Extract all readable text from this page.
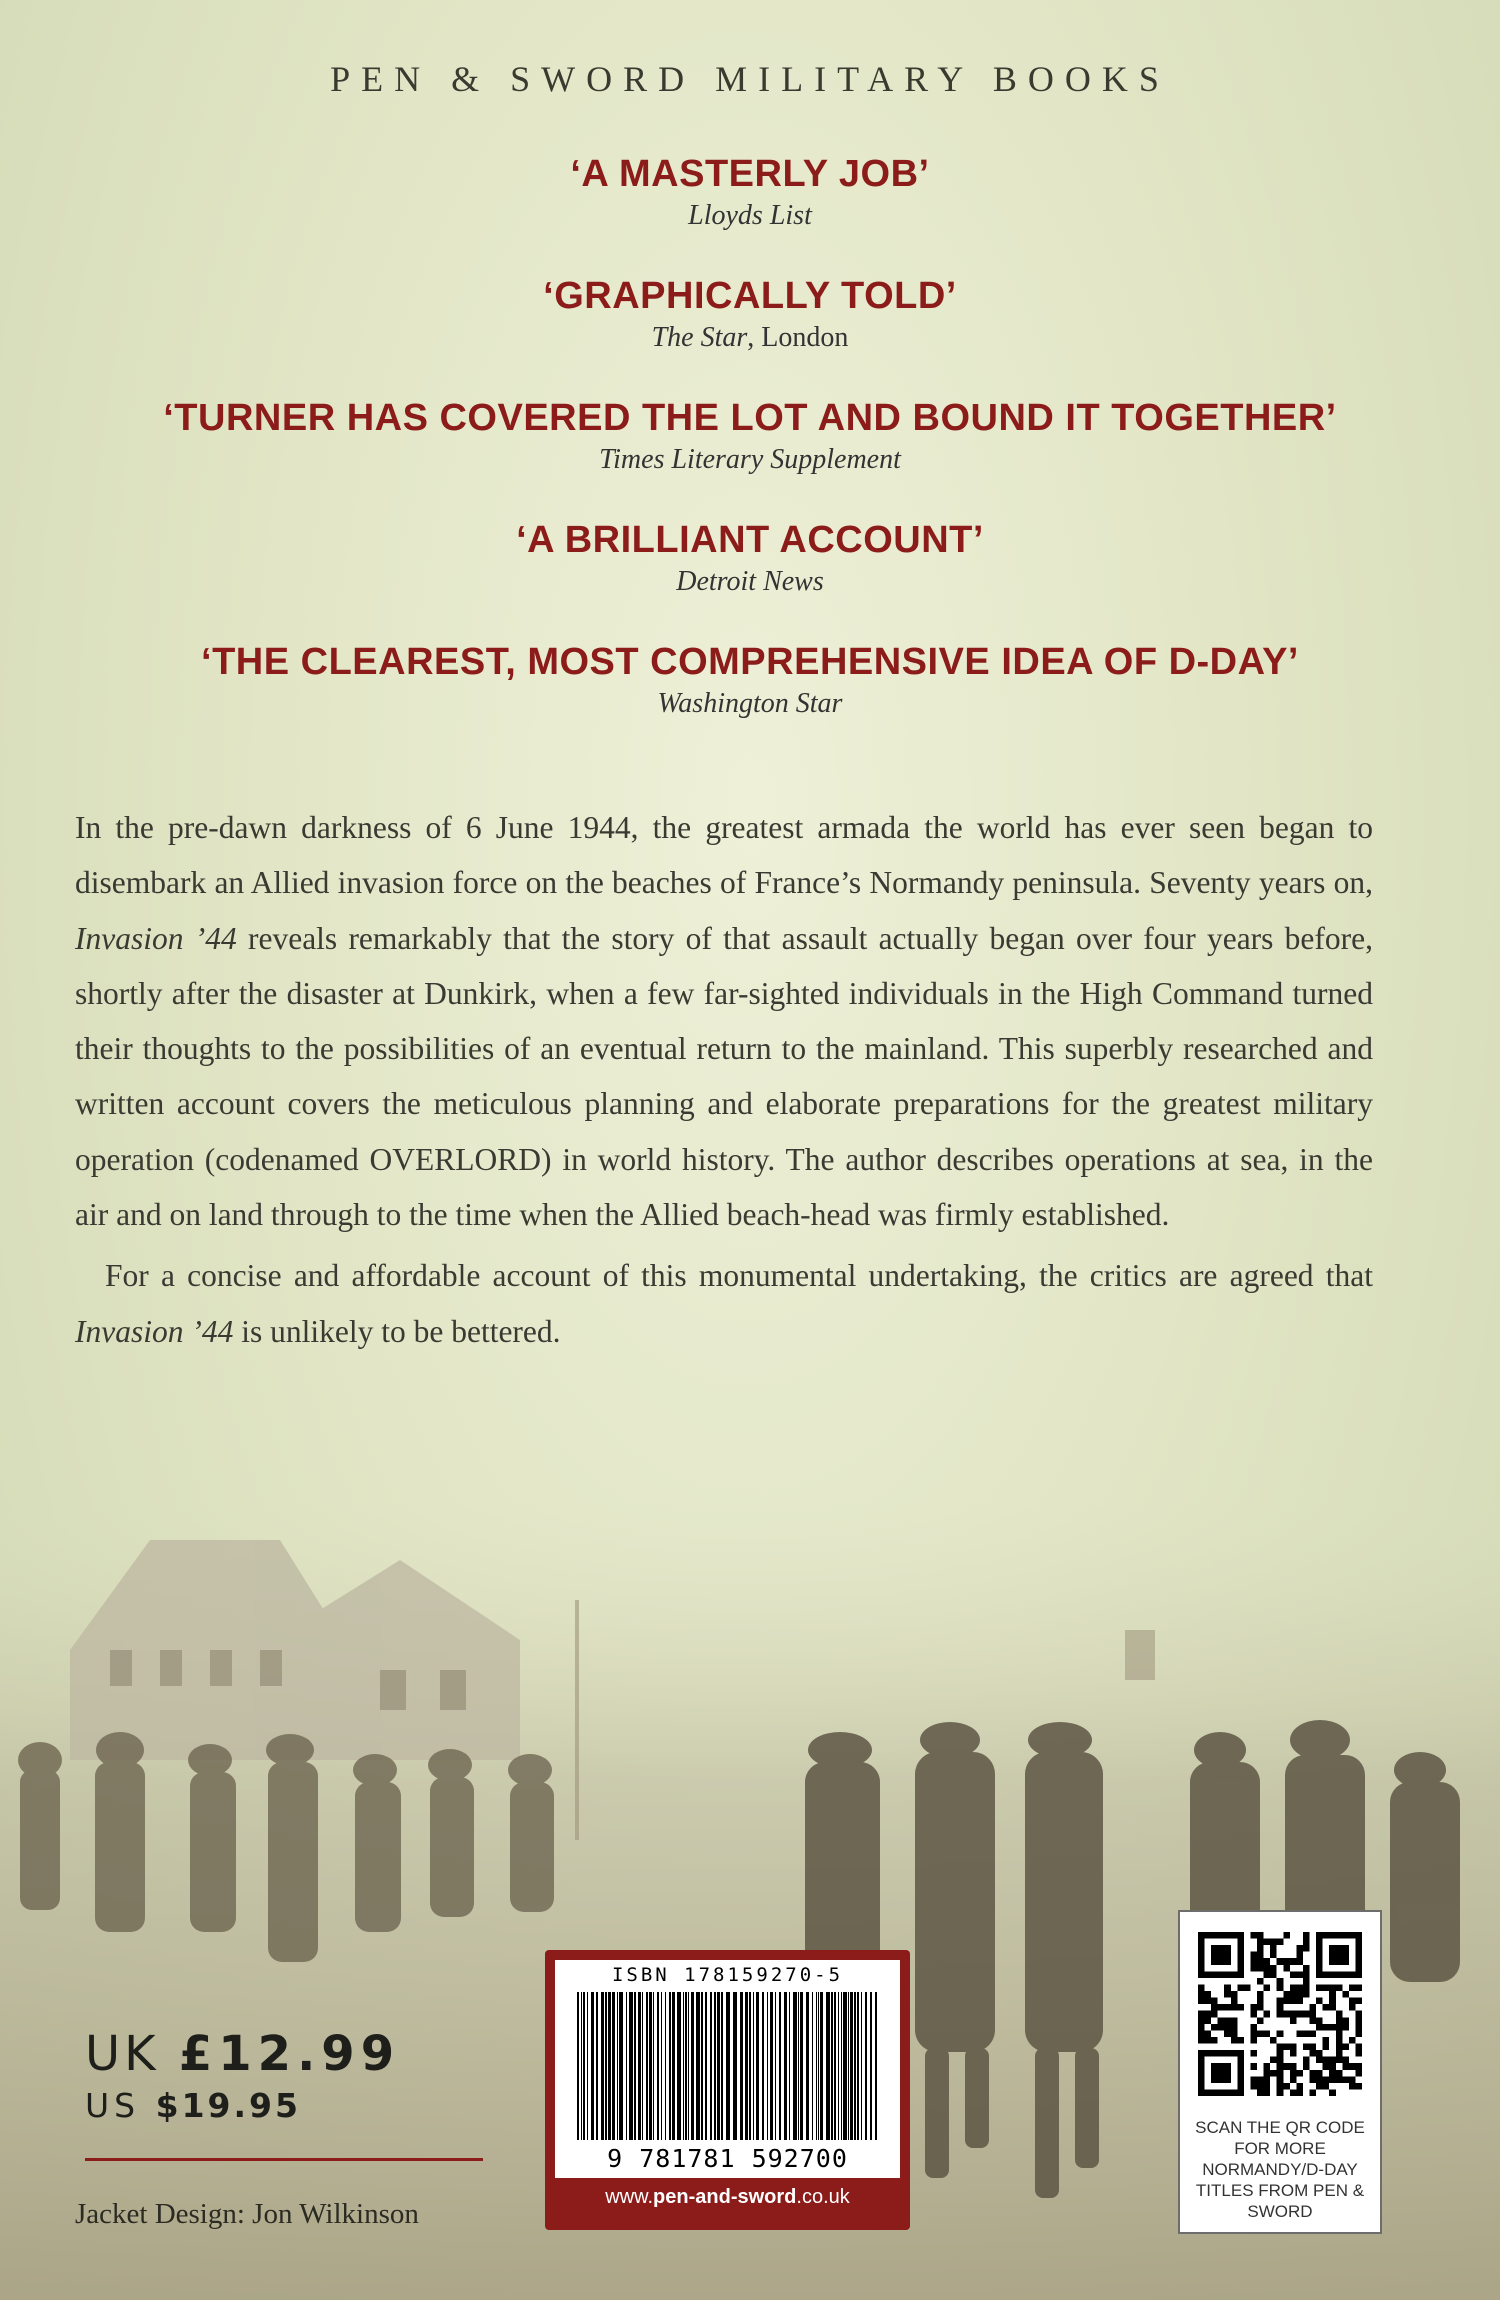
PEN & SWORD MILITARY BOOKS
‘A MASTERLY JOB’
Lloyds List
‘GRAPHICALLY TOLD’
The Star, London
‘TURNER HAS COVERED THE LOT AND BOUND IT TOGETHER’
Times Literary Supplement
‘A BRILLIANT ACCOUNT’
Detroit News
‘THE CLEAREST, MOST COMPREHENSIVE IDEA OF D-DAY’
Washington Star

In the pre-dawn darkness of 6 June 1944, the greatest armada the world has ever seen began to disembark an Allied invasion force on the beaches of France’s Normandy peninsula. Seventy years on, Invasion ’44 reveals remarkably that the story of that assault actually began over four years before, shortly after the disaster at Dunkirk, when a few far-sighted individuals in the High Command turned their thoughts to the possibilities of an eventual return to the mainland. This superbly researched and written account covers the meticulous planning and elaborate preparations for the greatest military operation (codenamed OVERLORD) in world history. The author describes operations at sea, in the air and on land through to the time when the Allied beach-head was firmly established.

For a concise and affordable account of this monumental undertaking, the critics are agreed that Invasion ’44 is unlikely to be bettered.

UK £12.99
US $19.95
Jacket Design: Jon Wilkinson
ISBN 178159270-5
9 781781 592700
www.pen-and-sword.co.uk
SCAN THE QR CODE FOR MORE NORMANDY/D-DAY TITLES FROM PEN & SWORD
